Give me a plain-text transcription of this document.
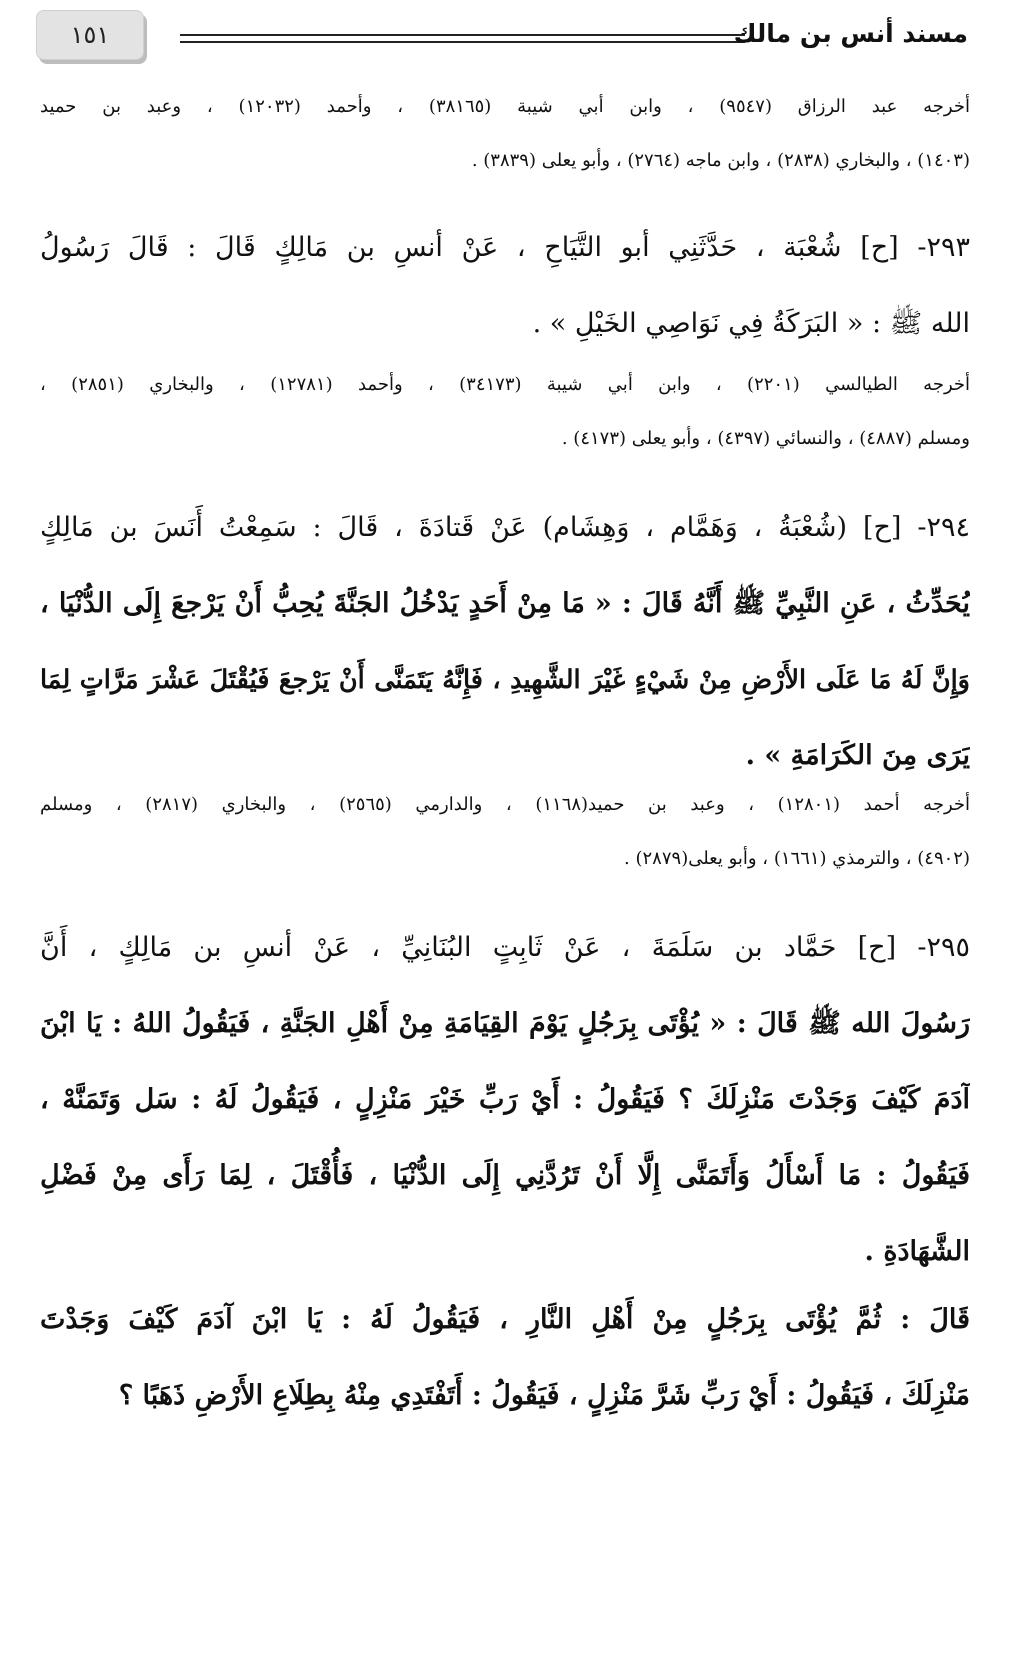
١٥١	مسند أنس بن مالك
أخرجه عبد الرزاق (٩٥٤٧) ، وابن أبي شيبة (٣٨١٦٥) ، وأحمد (١٢٠٣٢) ، وعبد بن حميد
(١٤٠٣) ، والبخاري (٢٨٣٨) ، وابن ماجه (٢٧٦٤) ، وأبو يعلى (٣٨٣٩) .
٢٩٣- [ح] شُعْبَة ، حَدَّثَنِي أبو التَّيَاحِ ، عَنْ أنسِ بن مَالِكٍ قَالَ : قَالَ رَسُولُ
الله ﷺ : « البَرَكَةُ فِي نَوَاصِي الخَيْلِ » .
أخرجه الطيالسي (٢٢٠١) ، وابن أبي شيبة (٣٤١٧٣) ، وأحمد (١٢٧٨١) ، والبخاري (٢٨٥١) ،
ومسلم (٤٨٨٧) ، والنسائي (٤٣٩٧) ، وأبو يعلى (٤١٧٣) .
٢٩٤- [ح] (شُعْبَةُ ، وَهَمَّام ، وَهِشَام) عَنْ قَتادَةَ ، قَالَ : سَمِعْتُ أَنَسَ بن مَالِكٍ
يُحَدِّثُ ، عَنِ النَّبِيِّ ﷺ أَنَّهُ قَالَ : « مَا مِنْ أَحَدٍ يَدْخُلُ الجَنَّةَ يُحِبُّ أَنْ يَرْجعَ إِلَى الدُّنْيَا ،
وَإِنَّ لَهُ مَا عَلَى الأَرْضِ مِنْ شَيْءٍ غَيْرَ الشَّهِيدِ ، فَإِنَّهُ يَتَمَنَّى أَنْ يَرْجعَ فَيُقْتَلَ عَشْرَ مَرَّاتٍ لِمَا
يَرَى مِنَ الكَرَامَةِ » .
أخرجه أحمد (١٢٨٠١) ، وعبد بن حميد(١١٦٨) ، والدارمي (٢٥٦٥) ، والبخاري (٢٨١٧) ، ومسلم
(٤٩٠٢) ، والترمذي (١٦٦١) ، وأبو يعلى(٢٨٧٩) .
٢٩٥- [ح] حَمَّاد بن سَلَمَةَ ، عَنْ ثَابِتٍ البُنَانِيِّ ، عَنْ أنسِ بن مَالِكٍ ، أَنَّ
رَسُولَ الله ﷺ قَالَ : « يُؤْتَى بِرَجُلٍ يَوْمَ القِيَامَةِ مِنْ أَهْلِ الجَنَّةِ ، فَيَقُولُ اللهُ : يَا ابْنَ
آدَمَ كَيْفَ وَجَدْتَ مَنْزِلَكَ ؟ فَيَقُولُ : أَيْ رَبِّ خَيْرَ مَنْزِلٍ ، فَيَقُولُ لَهُ : سَل وَتَمَنَّهْ ،
فَيَقُولُ : مَا أَسْأَلُ وَأَتَمَنَّى إِلَّا أَنْ تَرُدَّنِي إِلَى الدُّنْيَا ، فَأُقْتَلَ ، لِمَا رَأَى مِنْ فَضْلِ
الشَّهَادَةِ .
قَالَ : ثُمَّ يُؤْتَى بِرَجُلٍ مِنْ أَهْلِ النَّارِ ، فَيَقُولُ لَهُ : يَا ابْنَ آدَمَ كَيْفَ وَجَدْتَ
مَنْزِلَكَ ، فَيَقُولُ : أَيْ رَبِّ شَرَّ مَنْزِلٍ ، فَيَقُولُ : أَتَفْتَدِي مِنْهُ بِطِلَاعِ الأَرْضِ ذَهَبًا ؟
